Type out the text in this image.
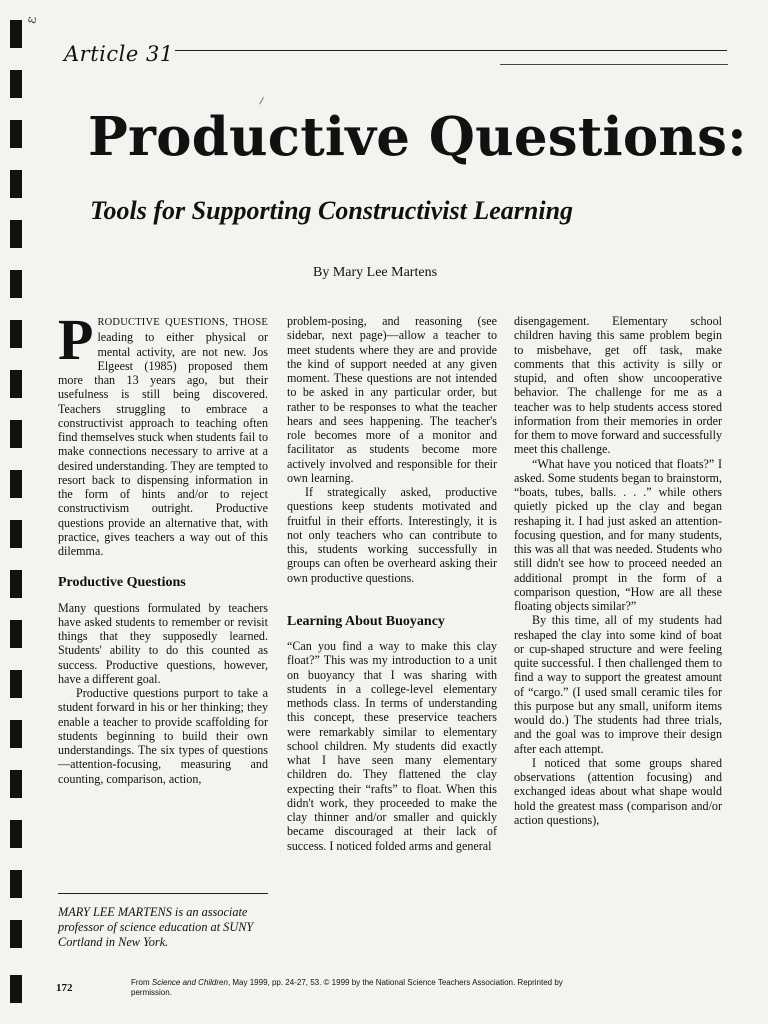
ε
Article 31
Productive Questions:
Tools for Supporting Constructivist Learning
By Mary Lee Martens

PRODUCTIVE QUESTIONS, THOSE leading to either physical or mental activity, are not new. Jos Elgeest (1985) proposed them more than 13 years ago, but their usefulness is still being discovered. Teachers struggling to embrace a constructivist approach to teaching often find themselves stuck when students fail to make connections necessary to arrive at a desired understanding. They are tempted to resort back to dispensing information in the form of hints and/or to reject constructivism outright. Productive questions provide an alternative that, with practice, gives teachers a way out of this dilemma.

Productive Questions

Many questions formulated by teachers have asked students to remember or revisit things that they supposedly learned. Students' ability to do this counted as success. Productive questions, however, have a different goal.

Productive questions purport to take a student forward in his or her thinking; they enable a teacher to provide scaffolding for students beginning to build their own understandings. The six types of questions—attention-focusing, measuring and counting, comparison, action,

problem-posing, and reasoning (see sidebar, next page)—allow a teacher to meet students where they are and provide the kind of support needed at any given moment. These questions are not intended to be asked in any particular order, but rather to be responses to what the teacher hears and sees happening. The teacher's role becomes more of a monitor and facilitator as students become more actively involved and responsible for their own learning.

If strategically asked, productive questions keep students motivated and fruitful in their efforts. Interestingly, it is not only teachers who can contribute to this, students working successfully in groups can often be overheard asking their own productive questions.

Learning About Buoyancy

“Can you find a way to make this clay float?” This was my introduction to a unit on buoyancy that I was sharing with students in a college-level elementary methods class. In terms of understanding this concept, these preservice teachers were remarkably similar to elementary school children. My students did exactly what I have seen many elementary children do. They flattened the clay expecting their “rafts” to float. When this didn't work, they proceeded to make the clay thinner and/or smaller and quickly became discouraged at their lack of success. I noticed folded arms and general

disengagement. Elementary school children having this same problem begin to misbehave, get off task, make comments that this activity is silly or stupid, and often show uncooperative behavior. The challenge for me as a teacher was to help students access stored information from their memories in order for them to move forward and successfully meet this challenge.

“What have you noticed that floats?” I asked. Some students began to brainstorm, “boats, tubes, balls. . . .” while others quietly picked up the clay and began reshaping it. I had just asked an attention-focusing question, and for many students, this was all that was needed. Students who still didn't see how to proceed needed an additional prompt in the form of a comparison question, “How are all these floating objects similar?”

By this time, all of my students had reshaped the clay into some kind of boat or cup-shaped structure and were feeling quite successful. I then challenged them to find a way to support the greatest amount of “cargo.” (I used small ceramic tiles for this purpose but any small, uniform items would do.) The students had three trials, and the goal was to improve their design after each attempt.

I noticed that some groups shared observations (attention focusing) and exchanged ideas about what shape would hold the greatest mass (comparison and/or action questions),

MARY LEE MARTENS is an associate professor of science education at SUNY Cortland in New York.
172	From Science and Children, May 1999, pp. 24-27, 53. © 1999 by the National Science Teachers Association. Reprinted by permission.
